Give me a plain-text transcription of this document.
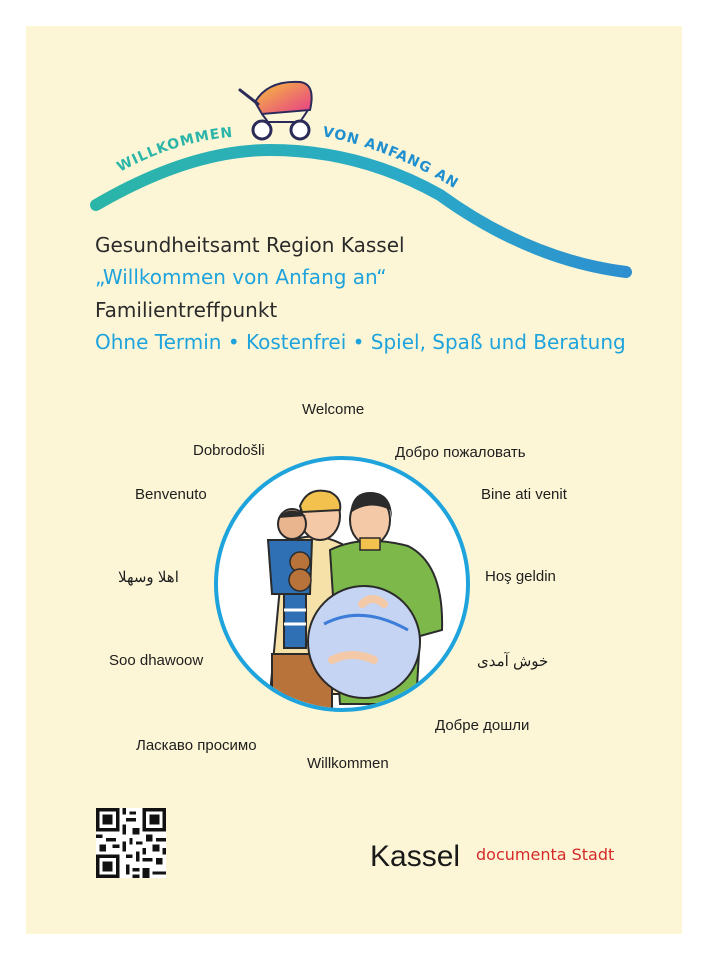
WILLKOMMEN	VON ANFANG AN
Gesundheitsamt Region Kassel
„Willkommen von Anfang an“
Familientreffpunkt
Ohne Termin • Kostenfrei • Spiel, Spaß und Beratung
Welcome
Dobrodošli	Добро пожаловать
Benvenuto	Bine ati venit
اهلا وسهلا	Hoş geldin
Soo dhawoow	خوش آمدی
Добре дошли
Ласкаво просимо
Willkommen
Kassel documenta Stadt
